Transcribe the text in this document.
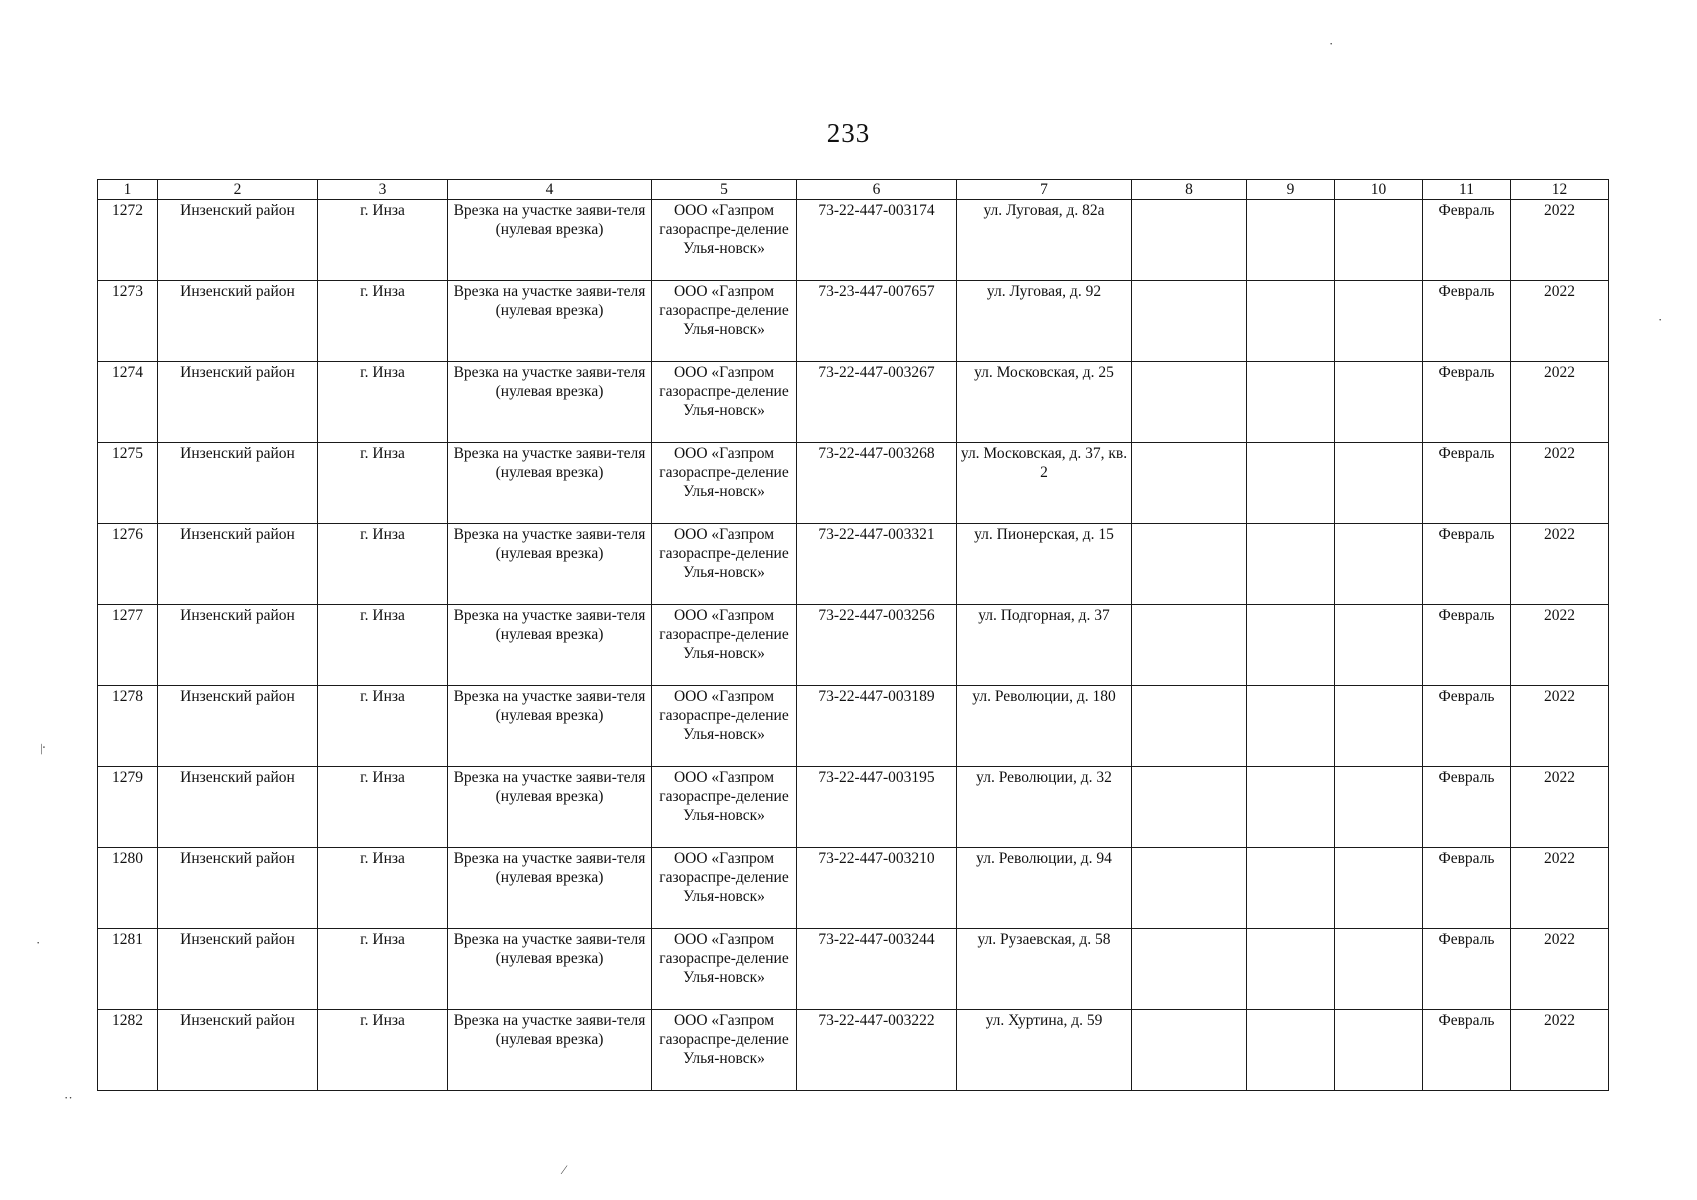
233
1	2	3	4	5	6	7	8	9	10	11	12
1272	Инзенский район	г. Инза	Врезка на участке заяви-теля (нулевая врезка)	ООО «Газпром газораспре-деление Улья-новск»	73-22-447-003174	ул. Луговая, д. 82а				Февраль	2022
1273	Инзенский район	г. Инза	Врезка на участке заяви-теля (нулевая врезка)	ООО «Газпром газораспре-деление Улья-новск»	73-23-447-007657	ул. Луговая, д. 92				Февраль	2022
1274	Инзенский район	г. Инза	Врезка на участке заяви-теля (нулевая врезка)	ООО «Газпром газораспре-деление Улья-новск»	73-22-447-003267	ул. Московская, д. 25				Февраль	2022
1275	Инзенский район	г. Инза	Врезка на участке заяви-теля (нулевая врезка)	ООО «Газпром газораспре-деление Улья-новск»	73-22-447-003268	ул. Московская, д. 37, кв. 2				Февраль	2022
1276	Инзенский район	г. Инза	Врезка на участке заяви-теля (нулевая врезка)	ООО «Газпром газораспре-деление Улья-новск»	73-22-447-003321	ул. Пионерская, д. 15				Февраль	2022
1277	Инзенский район	г. Инза	Врезка на участке заяви-теля (нулевая врезка)	ООО «Газпром газораспре-деление Улья-новск»	73-22-447-003256	ул. Подгорная, д. 37				Февраль	2022
1278	Инзенский район	г. Инза	Врезка на участке заяви-теля (нулевая врезка)	ООО «Газпром газораспре-деление Улья-новск»	73-22-447-003189	ул. Революции, д. 180				Февраль	2022
1279	Инзенский район	г. Инза	Врезка на участке заяви-теля (нулевая врезка)	ООО «Газпром газораспре-деление Улья-новск»	73-22-447-003195	ул. Революции, д. 32				Февраль	2022
1280	Инзенский район	г. Инза	Врезка на участке заяви-теля (нулевая врезка)	ООО «Газпром газораспре-деление Улья-новск»	73-22-447-003210	ул. Революции, д. 94				Февраль	2022
1281	Инзенский район	г. Инза	Врезка на участке заяви-теля (нулевая врезка)	ООО «Газпром газораспре-деление Улья-новск»	73-22-447-003244	ул. Рузаевская, д. 58				Февраль	2022
1282	Инзенский район	г. Инза	Врезка на участке заяви-теля (нулевая врезка)	ООО «Газпром газораспре-деление Улья-новск»	73-22-447-003222	ул. Хуртина, д. 59				Февраль	2022
·
·
⁄·
·
··
⁄
